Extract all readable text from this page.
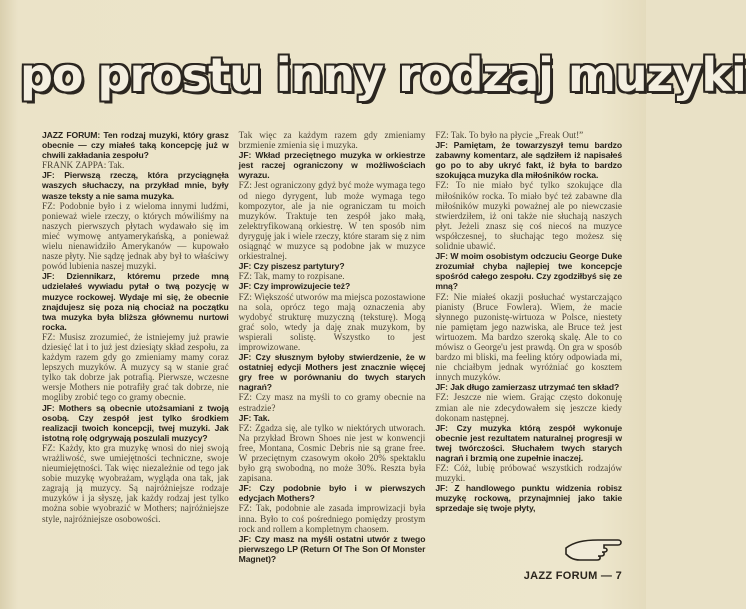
po prostu inny rodzaj muzyki

JAZZ FORUM: Ten rodzaj muzyki, który grasz obecnie — czy miałeś taką koncepcję już w chwili zakładania zespołu?

FRANK ZAPPA: Tak.

JF: Pierwszą rzeczą, która przyciągnęła waszych słuchaczy, na przykład mnie, były wasze teksty a nie sama muzyka.

FZ: Podobnie było i z wieloma innymi ludźmi, ponieważ wiele rzeczy, o których mówiliśmy na naszych pierwszych płytach wydawało się im mieć wymowę antyamerykańską, a ponieważ wielu nienawidziło Amerykanów — kupowało nasze płyty. Nie sądzę jednak aby był to właściwy powód lubienia naszej muzyki.

JF: Dziennikarz, któremu przede mną udzielałeś wywiadu pytał o twą pozycję w muzyce rockowej. Wydaje mi się, że obecnie znajdujesz się poza nią chociaż na początku twa muzyka była bliższa głównemu nurtowi rocka.

FZ: Musisz zrozumieć, że istniejemy już prawie dziesięć lat i to już jest dziesiąty skład zespołu, za każdym razem gdy go zmieniamy mamy coraz lepszych muzyków. A muzycy są w stanie grać tylko tak dobrze jak potrafią. Pierwsze, wczesne wersje Mothers nie potrafiły grać tak dobrze, nie mogliby zrobić tego co gramy obecnie.

JF: Mothers są obecnie utożsamiani z twoją osobą. Czy zespół jest tylko środkiem realizacji twoich koncepcji, twej muzyki. Jak istotną rolę odgrywają poszulali muzycy?

FZ: Każdy, kto gra muzykę wnosi do niej swoją wrażliwość, swe umiejętności techniczne, swoje nieumiejętności. Tak więc niezależnie od tego jak sobie muzykę wyobrażam, wygląda ona tak, jak zagrają ją muzycy. Są najróżniejsze rodzaje muzyków i ja słyszę, jak każdy rodzaj jest tylko można sobie wyobrazić w Mothers; najróżniejsze style, najróżniejsze osobowości.

Tak więc za każdym razem gdy zmieniamy brzmienie zmienia się i muzyka.

JF: Wkład przeciętnego muzyka w orkiestrze jest raczej ograniczony w możliwościach wyrazu.

FZ: Jest ograniczony gdyż być może wymaga tego od niego dyrygent, lub może wymaga tego kompozytor, ale ja nie ograniczam tu moich muzyków. Traktuje ten zespół jako małą, zelektryfikowaną orkiestrę. W ten sposób nim dyryguję jak i wiele rzeczy, które staram się z nim osiągnąć w muzyce są podobne jak w muzyce orkiestralnej.

JF: Czy piszesz partytury?

FZ: Tak, mamy to rozpisane.

JF: Czy improwizujecie też?

FZ: Większość utworów ma miejsca pozostawione na sola, oprócz tego mają oznaczenia aby wydobyć strukturę muzyczną (teksturę). Mogą grać solo, wtedy ja daję znak muzykom, by wspierali solistę. Wszystko to jest improwizowane.

JF: Czy słusznym byłoby stwierdzenie, że w ostatniej edycji Mothers jest znacznie więcej gry free w porównaniu do twych starych nagrań?

FZ: Czy masz na myśli to co gramy obecnie na estradzie?

JF: Tak.

FZ: Zgadza się, ale tylko w niektórych utworach. Na przykład Brown Shoes nie jest w konwencji free, Montana, Cosmic Debris nie są grane free. W przeciętnym czasowym około 20% spektaklu było grą swobodną, no może 30%. Reszta była zapisana.

JF: Czy podobnie było i w pierwszych edycjach Mothers?

FZ: Tak, podobnie ale zasada improwizacji była inna. Było to coś pośredniego pomiędzy prostym rock and rollem a kompletnym chaosem.

JF: Czy masz na myśli ostatni utwór z twego pierwszego LP (Return Of The Son Of Monster Magnet)?

FZ: Tak. To było na płycie „Freak Out!”

JF: Pamiętam, że towarzyszył temu bardzo zabawny komentarz, ale sądziłem iż napisałeś go po to aby ukryć fakt, iż była to bardzo szokująca muzyka dla miłośników rocka.

FZ: To nie miało być tylko szokujące dla miłośników rocka. To miało być też zabawne dla miłośników muzyki poważnej ale po niewczasie stwierdziłem, iż oni także nie słuchają naszych płyt. Jeżeli znasz się coś niecoś na muzyce współczesnej, to słuchając tego możesz się solidnie ubawić.

JF: W moim osobistym odczuciu George Duke zrozumiał chyba najlepiej twe koncepcje spośród całego zespołu. Czy zgodziłbyś się ze mną?

FZ: Nie miałeś okazji posłuchać wystarczająco pianisty (Bruce Fowlera). Wiem, że macie słynnego puzonistę-wirtuoza w Polsce, niestety nie pamiętam jego nazwiska, ale Bruce też jest wirtuozem. Ma bardzo szeroką skalę. Ale to co mówisz o George'u jest prawdą. On gra w sposób bardzo mi bliski, ma feeling który odpowiada mi, nie chciałbym jednak wyróżniać go kosztem innych muzyków.

JF: Jak długo zamierzasz utrzymać ten skład?

FZ: Jeszcze nie wiem. Grając często dokonuję zmian ale nie zdecydowałem się jeszcze kiedy dokonam następnej.

JF: Czy muzyka którą zespół wykonuje obecnie jest rezultatem naturalnej progresji w twej twórczości. Słuchałem twych starych nagrań i brzmią one zupełnie inaczej.

FZ: Cóż, lubię próbować wszystkich rodzajów muzyki.

JF: Z handlowego punktu widzenia robisz muzykę rockową, przynajmniej jako takie sprzedaje się twoje płyty,

JAZZ FORUM — 7
